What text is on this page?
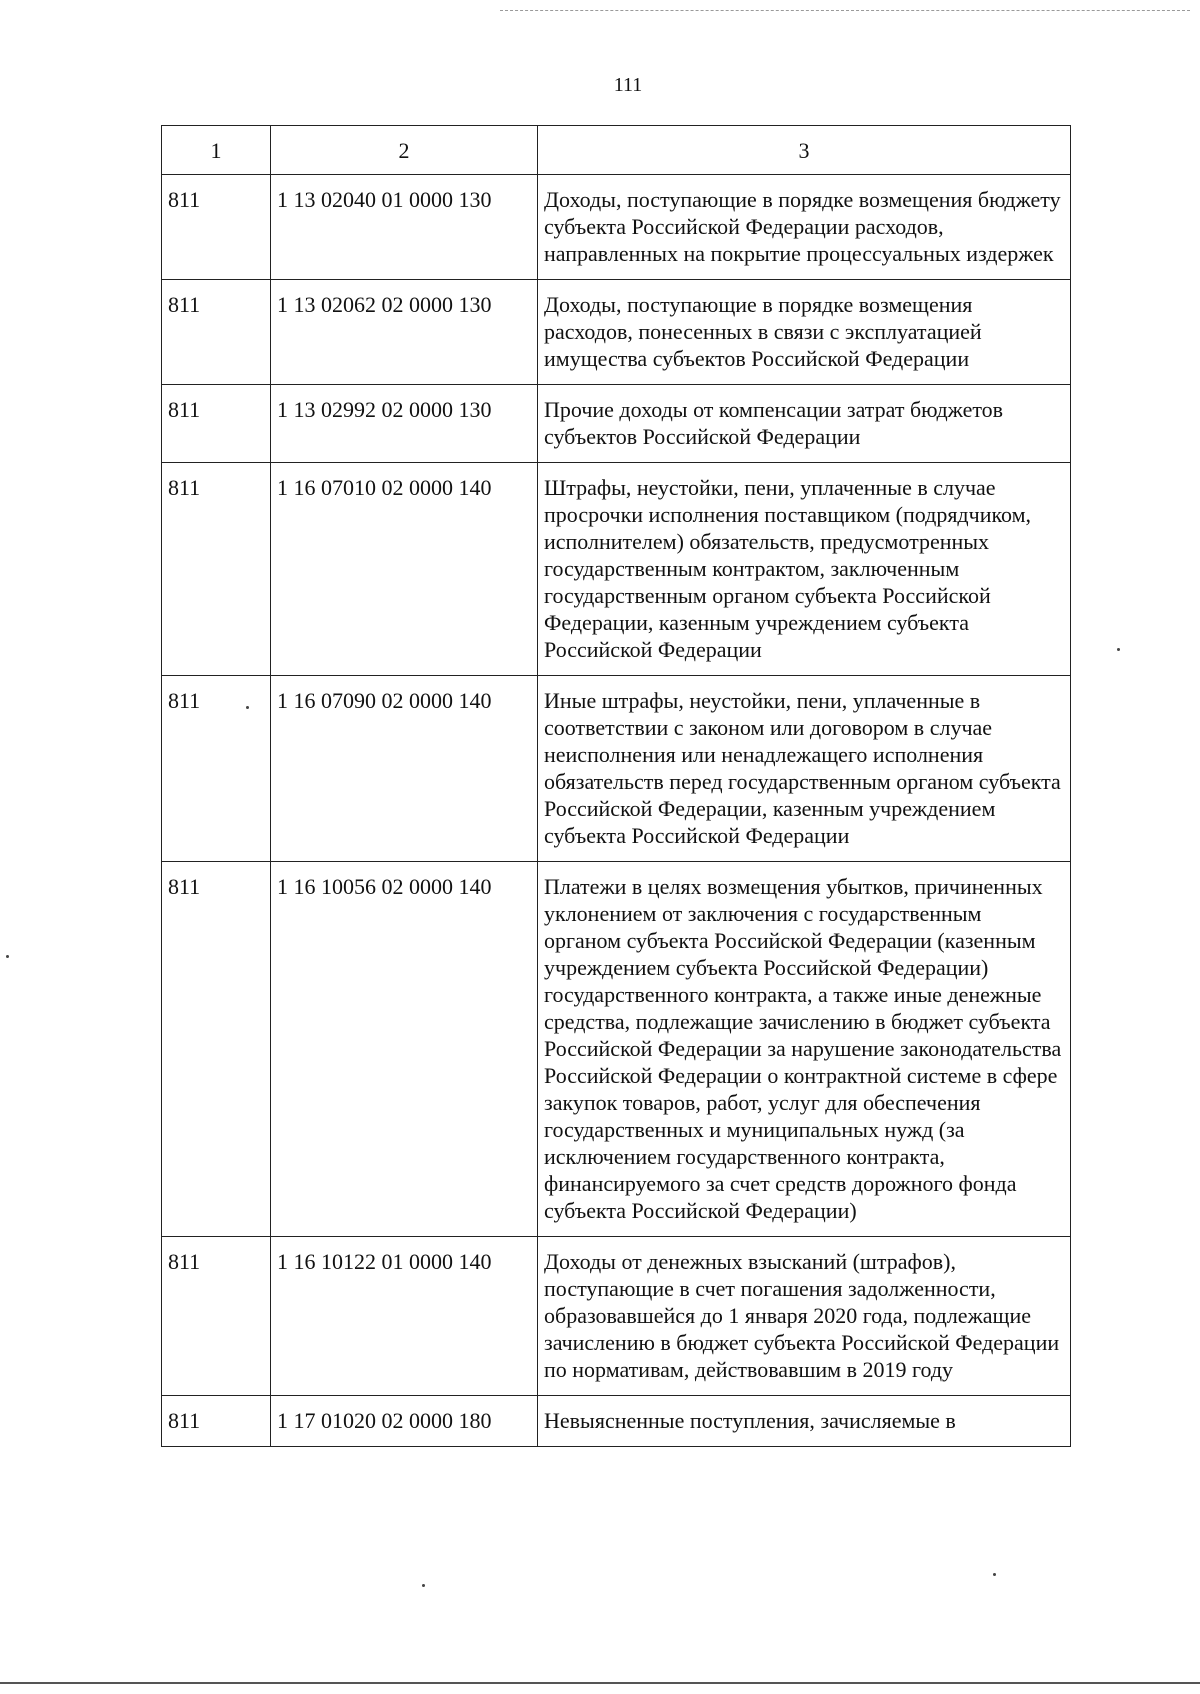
111
1	2	3
811	1 13 02040 01 0000 130	Доходы, поступающие в порядке возмещения бюджету субъекта Российской Федерации расходов, направленных на покрытие процессуальных издержек
811	1 13 02062 02 0000 130	Доходы, поступающие в порядке возмещения расходов, понесенных в связи с эксплуатацией имущества субъектов Российской Федерации
811	1 13 02992 02 0000 130	Прочие доходы от компенсации затрат бюджетов субъектов Российской Федерации
811	1 16 07010 02 0000 140	Штрафы, неустойки, пени, уплаченные в случае просрочки исполнения поставщиком (подрядчиком, исполнителем) обязательств, предусмотренных государственным контрактом, заключенным государственным органом субъекта Российской Федерации, казенным учреждением субъекта Российской Федерации
811	1 16 07090 02 0000 140	Иные штрафы, неустойки, пени, уплаченные в соответствии с законом или договором в случае неисполнения или ненадлежащего исполнения обязательств перед государственным органом субъекта Российской Федерации, казенным учреждением субъекта Российской Федерации
811	1 16 10056 02 0000 140	Платежи в целях возмещения убытков, причиненных уклонением от заключения с государственным органом субъекта Российской Федерации (казенным учреждением субъекта Российской Федерации) государственного контракта, а также иные денежные средства, подлежащие зачислению в бюджет субъекта Российской Федерации за нарушение законодательства Российской Федерации о контрактной системе в сфере закупок товаров, работ, услуг для обеспечения государственных и муниципальных нужд (за исключением государственного контракта, финансируемого за счет средств дорожного фонда субъекта Российской Федерации)
811	1 16 10122 01 0000 140	Доходы от денежных взысканий (штрафов), поступающие в счет погашения задолженности, образовавшейся до 1 января 2020 года, подлежащие зачислению в бюджет субъекта Российской Федерации по нормативам, действовавшим в 2019 году
811	1 17 01020 02 0000 180	Невыясненные поступления, зачисляемые в
